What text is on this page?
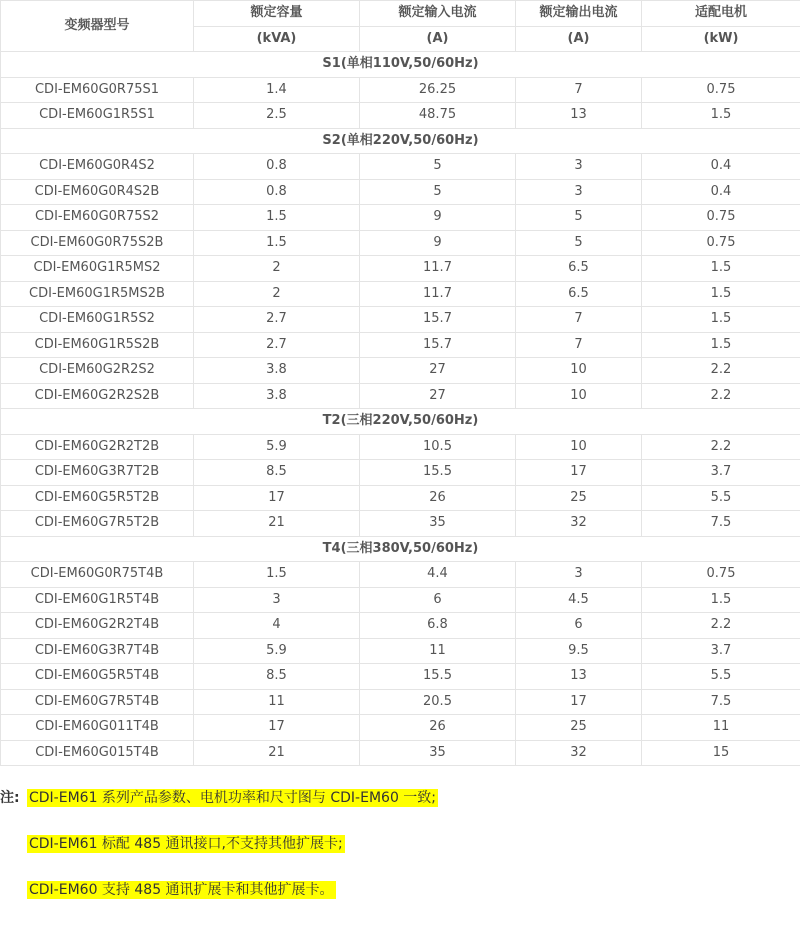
变频器型号	额定容量	额定输入电流	额定输出电流	适配电机
	(kVA)	(A)	(A)	(kW)
S1(单相110V,50/60Hz)				
CDI-EM60G0R75S1	1.4	26.25	7	0.75
CDI-EM60G1R5S1	2.5	48.75	13	1.5
S2(单相220V,50/60Hz)				
CDI-EM60G0R4S2	0.8	5	3	0.4
CDI-EM60G0R4S2B	0.8	5	3	0.4
CDI-EM60G0R75S2	1.5	9	5	0.75
CDI-EM60G0R75S2B	1.5	9	5	0.75
CDI-EM60G1R5MS2	2	11.7	6.5	1.5
CDI-EM60G1R5MS2B	2	11.7	6.5	1.5
CDI-EM60G1R5S2	2.7	15.7	7	1.5
CDI-EM60G1R5S2B	2.7	15.7	7	1.5
CDI-EM60G2R2S2	3.8	27	10	2.2
CDI-EM60G2R2S2B	3.8	27	10	2.2
T2(三相220V,50/60Hz)				
CDI-EM60G2R2T2B	5.9	10.5	10	2.2
CDI-EM60G3R7T2B	8.5	15.5	17	3.7
CDI-EM60G5R5T2B	17	26	25	5.5
CDI-EM60G7R5T2B	21	35	32	7.5
T4(三相380V,50/60Hz)				
CDI-EM60G0R75T4B	1.5	4.4	3	0.75
CDI-EM60G1R5T4B	3	6	4.5	1.5
CDI-EM60G2R2T4B	4	6.8	6	2.2
CDI-EM60G3R7T4B	5.9	11	9.5	3.7
CDI-EM60G5R5T4B	8.5	15.5	13	5.5
CDI-EM60G7R5T4B	11	20.5	17	7.5
CDI-EM60G011T4B	17	26	25	11
CDI-EM60G015T4B	21	35	32	15
注: CDI-EM61 系列产品参数、电机功率和尺寸图与 CDI-EM60 一致;
CDI-EM61 标配 485 通讯接口,不支持其他扩展卡;
CDI-EM60 支持 485 通讯扩展卡和其他扩展卡。
